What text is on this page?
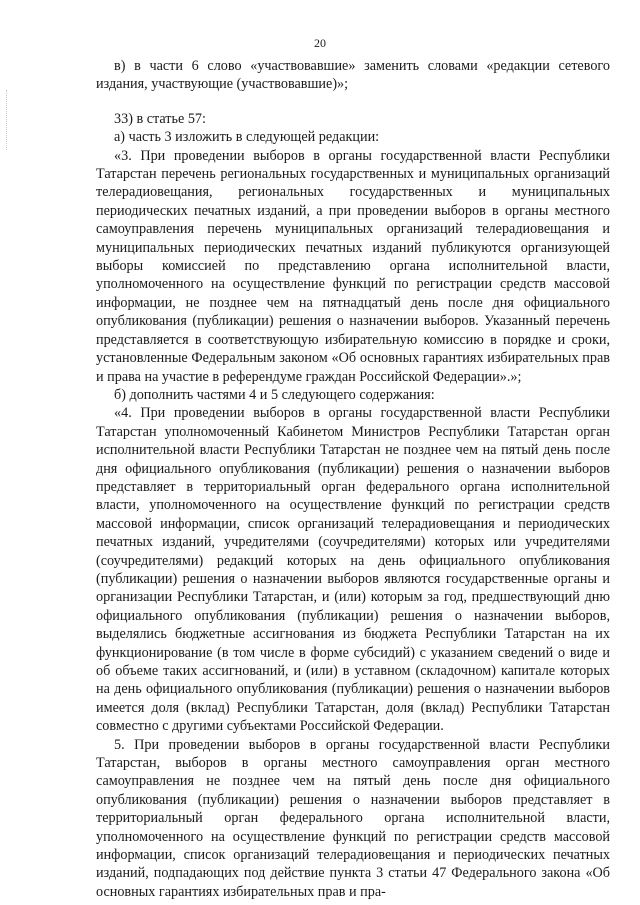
20

в) в части 6 слово «участвовавшие» заменить словами «редакции сетевого издания, участвующие (участвовавшие)»;

33) в статье 57:

а) часть 3 изложить в следующей редакции:

«3. При проведении выборов в органы государственной власти Республики Татарстан перечень региональных государственных и муниципальных организаций телерадиовещания, региональных государственных и муниципальных периодических печатных изданий, а при проведении выборов в органы местного самоуправления перечень муниципальных организаций телерадиовещания и муниципальных периодических печатных изданий публикуются организующей выборы комиссией по представлению органа исполнительной власти, уполномоченного на осуществление функций по регистрации средств массовой информации, не позднее чем на пятнадцатый день после дня официального опубликования (публикации) решения о назначении выборов. Указанный перечень представляется в соответствующую избирательную комиссию в порядке и сроки, установленные Федеральным законом «Об основных гарантиях избирательных прав и права на участие в референдуме граждан Российской Федерации».»;

б) дополнить частями 4 и 5 следующего содержания:

«4. При проведении выборов в органы государственной власти Республики Татарстан уполномоченный Кабинетом Министров Республики Татарстан орган исполнительной власти Республики Татарстан не позднее чем на пятый день после дня официального опубликования (публикации) решения о назначении выборов представляет в территориальный орган федерального органа исполнительной власти, уполномоченного на осуществление функций по регистрации средств массовой информации, список организаций телерадиовещания и периодических печатных изданий, учредителями (соучредителями) которых или учредителями (соучредителями) редакций которых на день официального опубликования (публикации) решения о назначении выборов являются государственные органы и организации Республики Татарстан, и (или) которым за год, предшествующий дню официального опубликования (публикации) решения о назначении выборов, выделялись бюджетные ассигнования из бюджета Республики Татарстан на их функционирование (в том числе в форме субсидий) с указанием сведений о виде и об объеме таких ассигнований, и (или) в уставном (складочном) капитале которых на день официального опубликования (публикации) решения о назначении выборов имеется доля (вклад) Республики Татарстан, доля (вклад) Республики Татарстан совместно с другими субъектами Российской Федерации.

5. При проведении выборов в органы государственной власти Республики Татарстан, выборов в органы местного самоуправления орган местного самоуправления не позднее чем на пятый день после дня официального опубликования (публикации) решения о назначении выборов представляет в территориальный орган федерального органа исполнительной власти, уполномоченного на осуществление функций по регистрации средств массовой информации, список организаций телерадиовещания и периодических печатных изданий, подпадающих под действие пункта 3 статьи 47 Федерального закона «Об основных гарантиях избирательных прав и пра-
